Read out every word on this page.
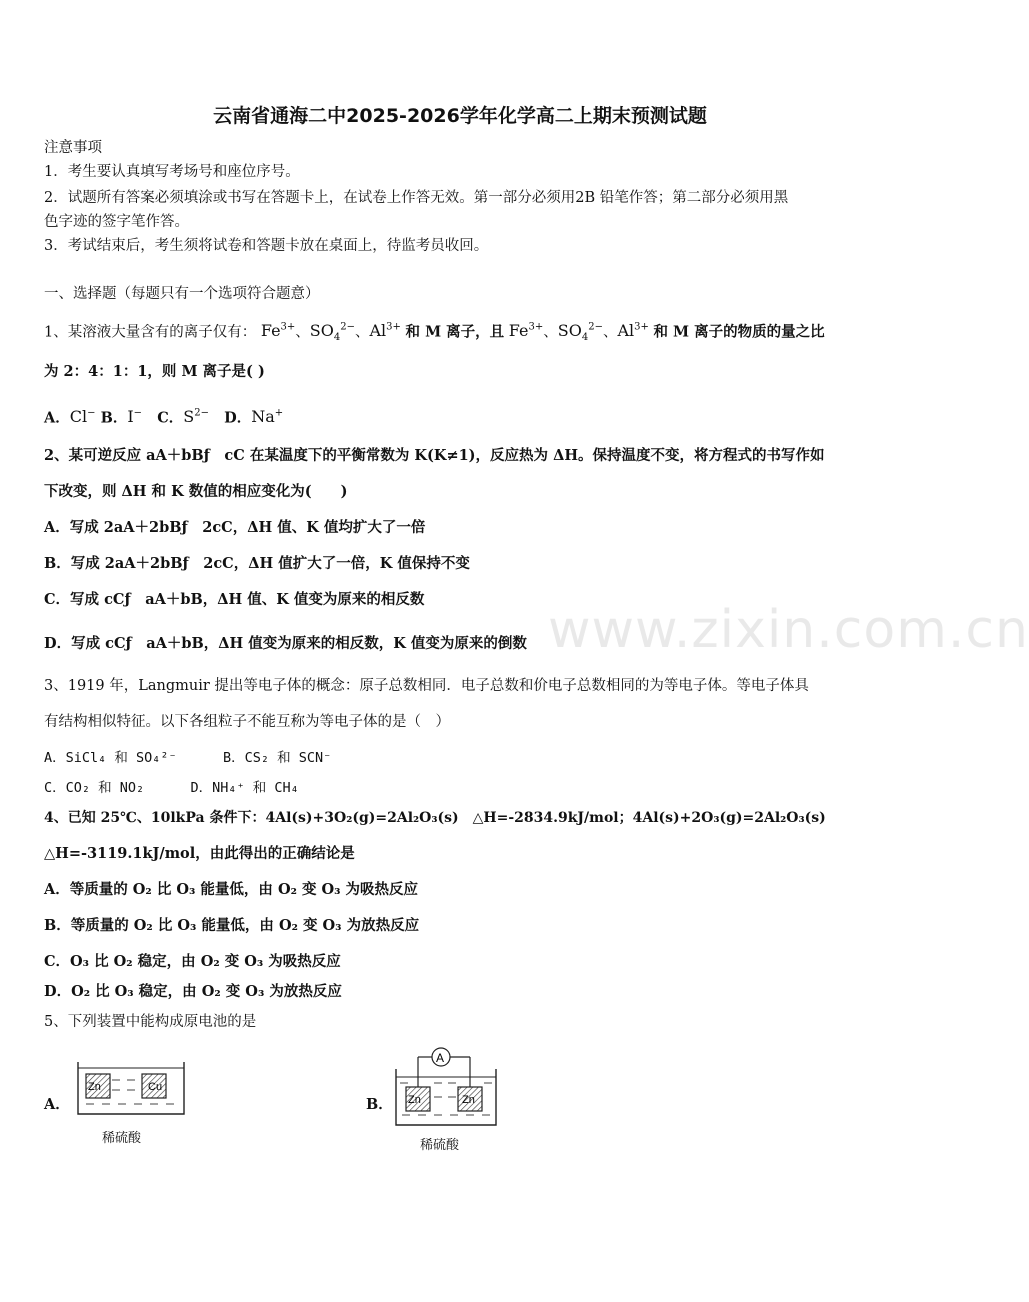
www.zixin.com.cn
云南省通海二中2025-2026学年化学高二上期末预测试题
注意事项
1．考生要认真填写考场号和座位序号。
2．试题所有答案必须填涂或书写在答题卡上，在试卷上作答无效。第一部分必须用2B 铅笔作答；第二部分必须用黑
色字迹的签字笔作答。
3．考试结束后，考生须将试卷和答题卡放在桌面上，待监考员收回。
一、选择题（每题只有一个选项符合题意）
1、某溶液大量含有的离子仅有： $Fe^{3+}$、$SO_4^{2-}$、$Al^{3+}$ 和 M 离子，且 $Fe^{3+}$、$SO_4^{2-}$、$Al^{3+}$ 和 M 离子的物质的量之比
为 2：4：1：1，则 M 离子是( )
A．Cl− B．I− C．$S^{2-}$ D．Na+
2、某可逆反应 aA＋bBƒ　cC 在某温度下的平衡常数为 K(K≠1)，反应热为 ΔH。保持温度不变，将方程式的书写作如
下改变，则 ΔH 和 K 数值的相应变化为(　　)
A．写成 2aA＋2bBƒ　2cC，ΔH 值、K 值均扩大了一倍
B．写成 2aA＋2bBƒ　2cC，ΔH 值扩大了一倍，K 值保持不变
C．写成 cCƒ　aA＋bB，ΔH 值、K 值变为原来的相反数
D．写成 cCƒ　aA＋bB，ΔH 值变为原来的相反数，K 值变为原来的倒数
3、1919 年，Langmuir 提出等电子体的概念：原子总数相同．电子总数和价电子总数相同的为等电子体。等电子体具
有结构相似特征。以下各组粒子不能互称为等电子体的是（　）
A．SiCl₄ 和 SO₄²⁻	B．CS₂ 和 SCN⁻
C．CO₂ 和 NO₂	D．NH₄⁺ 和 CH₄
4、已知 25℃、10lkPa 条件下：4Al(s)+3O₂(g)=2Al₂O₃(s)　△H=-2834.9kJ/mol；4Al(s)+2O₃(g)=2Al₂O₃(s)
△H=-3119.1kJ/mol，由此得出的正确结论是
A．等质量的 O₂ 比 O₃ 能量低，由 O₂ 变 O₃ 为吸热反应
B．等质量的 O₂ 比 O₃ 能量低，由 O₂ 变 O₃ 为放热反应
C．O₃ 比 O₂ 稳定，由 O₂ 变 O₃ 为吸热反应
D．O₂ 比 O₃ 稳定，由 O₂ 变 O₃ 为放热反应
5、下列装置中能构成原电池的是
A．
Zn	Cu
稀硫酸
B．
A
Zn	Zn
稀硫酸
